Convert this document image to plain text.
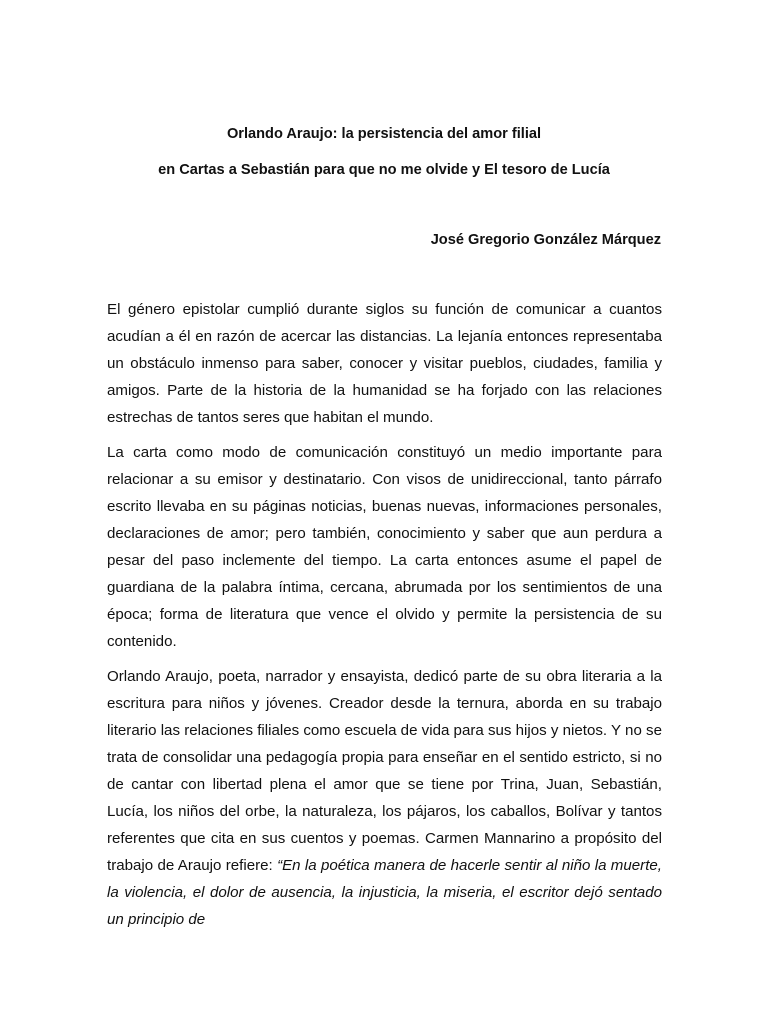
Orlando Araujo: la persistencia del amor filial
en Cartas a Sebastián para que no me olvide y El tesoro de Lucía

José Gregorio González Márquez

El género epistolar cumplió durante siglos su función de comunicar a cuantos acudían a él en razón de acercar las distancias. La lejanía entonces representaba un obstáculo inmenso para saber, conocer y visitar pueblos, ciudades, familia y amigos. Parte de la historia de la humanidad se ha forjado con las relaciones estrechas de tantos seres que habitan el mundo.

La carta como modo de comunicación constituyó un medio importante para relacionar a su emisor y destinatario. Con visos de unidireccional, tanto párrafo escrito llevaba en su páginas noticias, buenas nuevas, informaciones personales, declaraciones de amor; pero también, conocimiento y saber que aun perdura a pesar del paso inclemente del tiempo. La carta entonces asume el papel de guardiana de la palabra íntima, cercana, abrumada por los sentimientos de una época; forma de literatura que vence el olvido y permite la persistencia de su contenido.

Orlando Araujo, poeta, narrador y ensayista, dedicó parte de su obra literaria a la escritura para niños y jóvenes. Creador desde la ternura, aborda en su trabajo literario las relaciones filiales como escuela de vida para sus hijos y nietos. Y no se trata de consolidar una pedagogía propia para enseñar en el sentido estricto, si no de cantar con libertad plena el amor que se tiene por Trina, Juan, Sebastián, Lucía, los niños del orbe, la naturaleza, los pájaros, los caballos, Bolívar y tantos referentes que cita en sus cuentos y poemas. Carmen Mannarino a propósito del trabajo de Araujo refiere: “En la poética manera de hacerle sentir al niño la muerte, la violencia, el dolor de ausencia, la injusticia, la miseria, el escritor dejó sentado un principio de
